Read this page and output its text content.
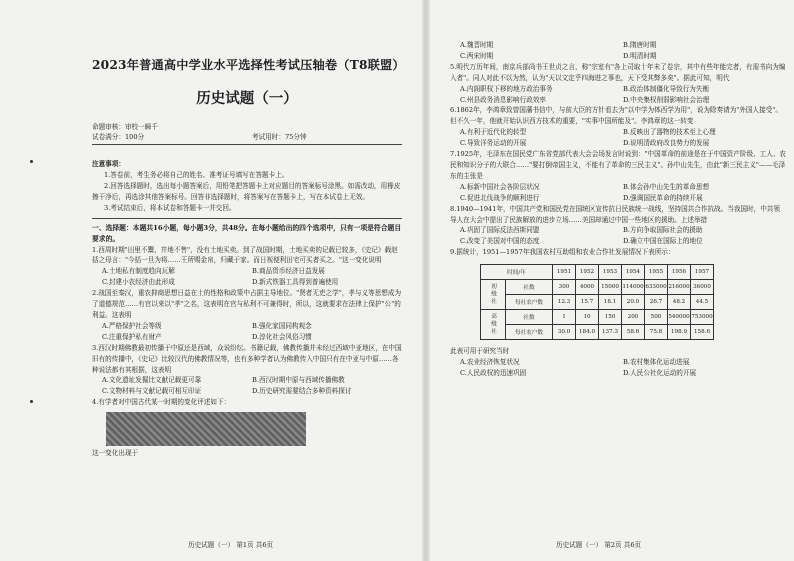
2023年普通高中学业水平选择性考试压轴卷（T8联盟）
历史试题（一）
命题审核：审校一瞬千
试卷满分：100分	考试用时：75分钟
注意事项：
1.答卷前，考生务必将自己的姓名、准考证号填写在答题卡上。
2.回答选择题时，选出每小题答案后，用铅笔把答题卡上对应题目的答案标号涂黑。如需改动，用橡皮擦干净后，再选涂其他答案标号。回答非选择题时，将答案写在答题卡上，写在本试卷上无效。
3.考试结束后，将本试卷和答题卡一并交回。
一、选择题：本题共16小题，每小题3分，共48分。在每小题给出的四个选项中，只有一项是符合题目要求的。
1.西周时期"田里不鬻，井地不售"，没有土地买卖。到了战国时期，土地买卖的记载已较多，《史记》载赵括之母言："今括一旦为将……王所赐金帛，归藏于家。而日视便利田宅可买者买之。"这一变化说明
A.土地私有制度趋向瓦解	B.商品货币经济日益发展
C.封建小农经济由此形成	D.新式铁器工具得到普遍使用
2.战国至秦汉，重农抑商思想日益在士的性格和政策中占据主导地位。"贤者无吏之学"，孝与义等思想成为了道德规范……有官以来以"孝"之名，这表明在官与私利不可兼得时，所以，这就要求在法律上保护"公"的利益。这表明
A.严格保护社会等级	B.强化家国同构观念
C.注重保护私有财产	D.淳化社会风俗习惯
3.西汉时期佛教最初传播于中原还是西域，众说纷纭。书籍记载，佛教传播并未经过西域中亚地区，在中国旧有的传播中，《史记》比较汉代的佛教情况等，也有多种学者认为佛教传入中国只有在中亚与中原……各种说法都有其根据，这表明
A.文化遗址发掘比文献记载更可靠	B.西汉时期中原与西域传播佛教
C.文物材料与文献记载可相互印证	D.历史研究需要结合多种资料探讨
4.有学者对中国古代某一时期的变化评述如下：
这一变化出现于
历史试题（一） 第1页 共6页
A.魏晋时期	B.隋唐时期
C.两宋时期	D.明清时期
5.明代万历年间，南京兵部尚书王世贞之言，称"宗室有"各上司取十年未了卷宗，其中有些年能完者，有需书向为编入者"。同人对此不以为然，认为"天以文定乎四海进之事也，天下受其弊多矣"。据此可知，明代
A.内阁职权下移的地方政治事务	B.政治体制僵化导致行为失衡
C.州县政务消息影响行政效率	D.中央集权削弱影响社会治理
6.1862年，李鸿章致曾国藩书信中，与前大臣的方针看去为"以中学为体西学为用"，说为除奏请为"外国人接受"。但不久一年，他就开始认识西方技术的重要，"实事中国所能及"。李鸿章的这一转变
A.有利于近代化的转型	B.反映出了器物的技术至上心理
C.导致洋务运动的开展	D.说明清政府改良势力的发展
7.1925年，毛泽东在国民党广东省党部代表大会会场发言时说到："中国革命的前途是在于中国资产阶级、工人、农民和知识分子的大联合……"要打倒帝国主义，不能有了革命的三民主义"。孙中山先生，由此"新三民主义"——毛泽东的主张是
A.标新中国社会各阶层状况	B.体会孙中山先生的革命思想
C.促进北伐战争的顺利进行	D.强调国民革命的持续开展
8.1940—1941年，中国共产党和国民党在国统区宣传抗日民族统一战线，坚持国共合作抗战。当我国时，中共领导人在大会中提出了民族解放的进步立场……美国却通过中国一些地区的援助。上述举措
A.巩固了国际反法西斯同盟	B.方向争取国际社会的援助
C.改变了美国对中国的态度	D.确立中国在国际上的地位
9.据统计，1951—1957年我国农村互助组和农业合作社发展情况下表所示：
时间/年		1951	1952	1953	1954	1955	1956	1957
初级社	社数	300	4000	15000	114000	633000	216000	36000
	每社农户数	12.3	15.7	18.1	20.0	26.7	48.2	44.5
高级社	社数	1	10	150	200	500	540000	753000
	每社农户数	30.0	184.0	137.3	58.6	75.8	198.9	158.6
此表可用于研究当时
A.农业经济恢复状况	B.农村集体化运动进展
C.人民政权的迅速巩固	D.人民公社化运动的开展
历史试题（一） 第2页 共6页
